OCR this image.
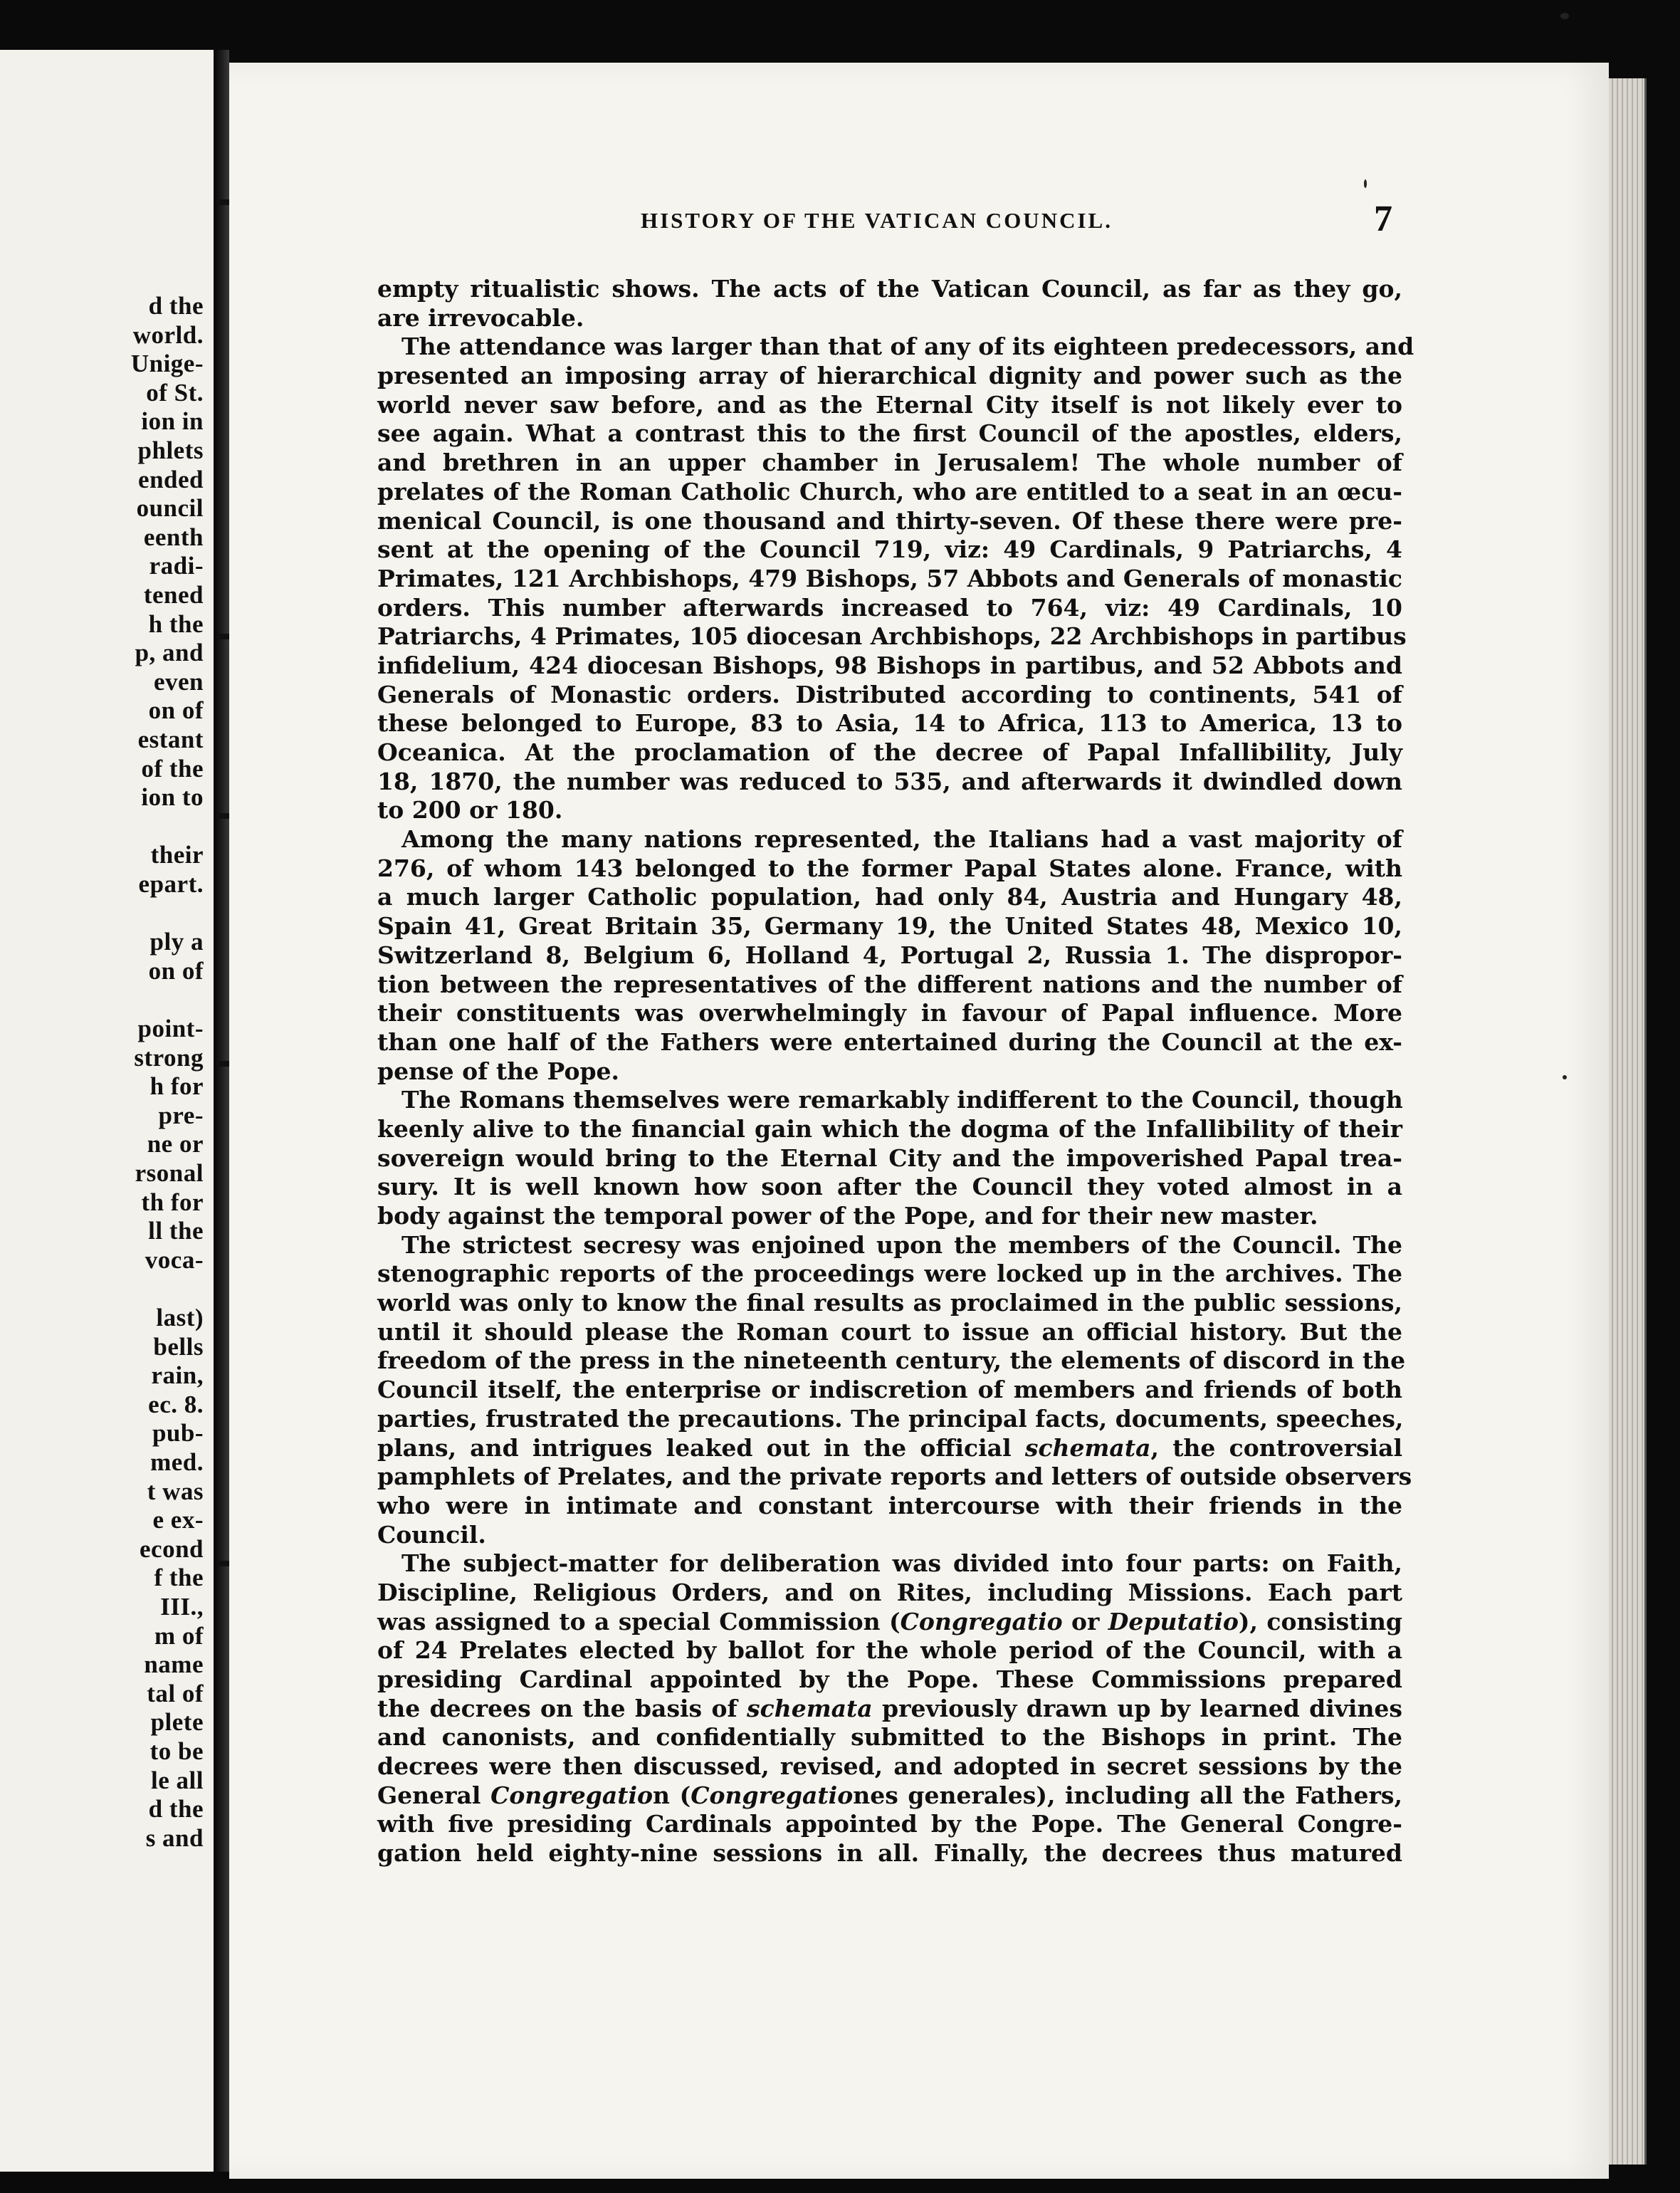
d the
world.
Unige-
of St.
ion in
phlets
ended
ouncil
eenth
radi-
tened
h the
p, and
even
on of
estant
of the
ion to
their
epart.
ply a
on of
point-
strong
h for
pre-
ne or
rsonal
th for
ll the
voca-
last)
bells
rain,
ec. 8.
pub-
med.
t was
e ex-
econd
f the
III.,
m of
name
tal of
plete
to be
le all
d the
s and
HISTORY OF THE VATICAN COUNCIL.	7
empty ritualistic shows. The acts of the Vatican Council, as far as they go,
are irrevocable.
The attendance was larger than that of any of its eighteen predecessors, and
presented an imposing array of hierarchical dignity and power such as the
world never saw before, and as the Eternal City itself is not likely ever to
see again. What a contrast this to the first Council of the apostles, elders,
and brethren in an upper chamber in Jerusalem! The whole number of
prelates of the Roman Catholic Church, who are entitled to a seat in an œcu-
menical Council, is one thousand and thirty-seven. Of these there were pre-
sent at the opening of the Council 719, viz: 49 Cardinals, 9 Patriarchs, 4
Primates, 121 Archbishops, 479 Bishops, 57 Abbots and Generals of monastic
orders. This number afterwards increased to 764, viz: 49 Cardinals, 10
Patriarchs, 4 Primates, 105 diocesan Archbishops, 22 Archbishops in partibus
infidelium, 424 diocesan Bishops, 98 Bishops in partibus, and 52 Abbots and
Generals of Monastic orders. Distributed according to continents, 541 of
these belonged to Europe, 83 to Asia, 14 to Africa, 113 to America, 13 to
Oceanica. At the proclamation of the decree of Papal Infallibility, July
18, 1870, the number was reduced to 535, and afterwards it dwindled down
to 200 or 180.
Among the many nations represented, the Italians had a vast majority of
276, of whom 143 belonged to the former Papal States alone. France, with
a much larger Catholic population, had only 84, Austria and Hungary 48,
Spain 41, Great Britain 35, Germany 19, the United States 48, Mexico 10,
Switzerland 8, Belgium 6, Holland 4, Portugal 2, Russia 1. The dispropor-
tion between the representatives of the different nations and the number of
their constituents was overwhelmingly in favour of Papal influence. More
than one half of the Fathers were entertained during the Council at the ex-
pense of the Pope.
The Romans themselves were remarkably indifferent to the Council, though
keenly alive to the financial gain which the dogma of the Infallibility of their
sovereign would bring to the Eternal City and the impoverished Papal trea-
sury. It is well known how soon after the Council they voted almost in a
body against the temporal power of the Pope, and for their new master.
The strictest secresy was enjoined upon the members of the Council. The
stenographic reports of the proceedings were locked up in the archives. The
world was only to know the final results as proclaimed in the public sessions,
until it should please the Roman court to issue an official history. But the
freedom of the press in the nineteenth century, the elements of discord in the
Council itself, the enterprise or indiscretion of members and friends of both
parties, frustrated the precautions. The principal facts, documents, speeches,
plans, and intrigues leaked out in the official schemata, the controversial
pamphlets of Prelates, and the private reports and letters of outside observers
who were in intimate and constant intercourse with their friends in the
Council.
The subject-matter for deliberation was divided into four parts: on Faith,
Discipline, Religious Orders, and on Rites, including Missions. Each part
was assigned to a special Commission (Congregatio or Deputatio), consisting
of 24 Prelates elected by ballot for the whole period of the Council, with a
presiding Cardinal appointed by the Pope. These Commissions prepared
the decrees on the basis of schemata previously drawn up by learned divines
and canonists, and confidentially submitted to the Bishops in print. The
decrees were then discussed, revised, and adopted in secret sessions by the
General Congregation (Congregationes generales), including all the Fathers,
with five presiding Cardinals appointed by the Pope. The General Congre-
gation held eighty-nine sessions in all. Finally, the decrees thus matured
